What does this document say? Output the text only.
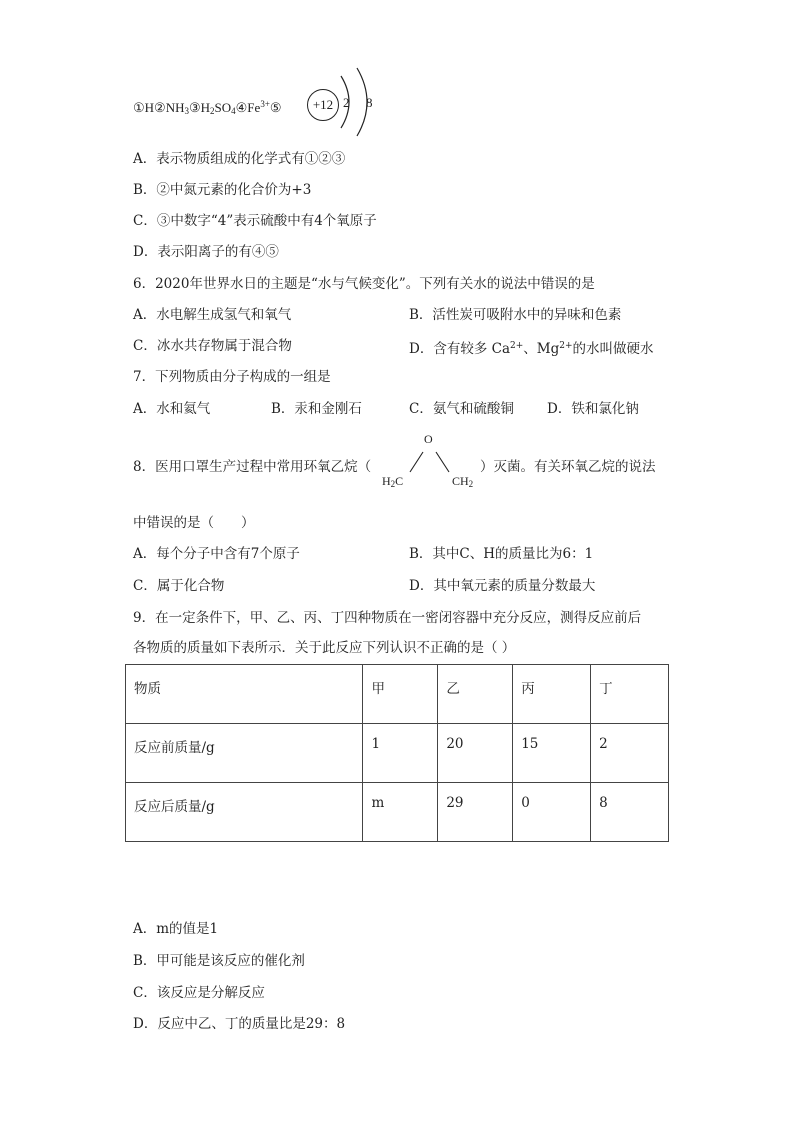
$①H②NH_3③H_2SO_4④Fe^{3+}⑤ +12$ 2 8
A．表示物质组成的化学式有①②③
B．②中氮元素的化合价为+3
C．③中数字“4”表示硫酸中有4个氧原子
D．表示阳离子的有④⑤
6．2020年世界水日的主题是“水与气候变化”。下列有关水的说法中错误的是
A．水电解生成氢气和氧气	B．活性炭可吸附水中的异味和色素
C．冰水共存物属于混合物	D．含有较多 $Ca^{2+}$、$Mg^{2+}$的水叫做硬水
7．下列物质由分子构成的一组是
A．水和氦气	B．汞和金刚石	C．氨气和硫酸铜 D．铁和氯化钠
8．医用口罩生产过程中常用环氧乙烷（
O
$H_2C$	$CH_2$
）灭菌。有关环氧乙烷的说法
中错误的是（　　）
A．每个分子中含有7个原子	B．其中C、H的质量比为6：1
C．属于化合物	D．其中氧元素的质量分数最大
9．在一定条件下，甲、乙、丙、丁四种物质在一密闭容器中充分反应，测得反应前后
各物质的质量如下表所示．关于此反应下列认识不正确的是（ ）
物质	甲	乙	丙	丁
反应前质量/g	1	20	15	2
反应后质量/g	m	29	0	8
A．m的值是1
B．甲可能是该反应的催化剂
C．该反应是分解反应
D．反应中乙、丁的质量比是29：8
